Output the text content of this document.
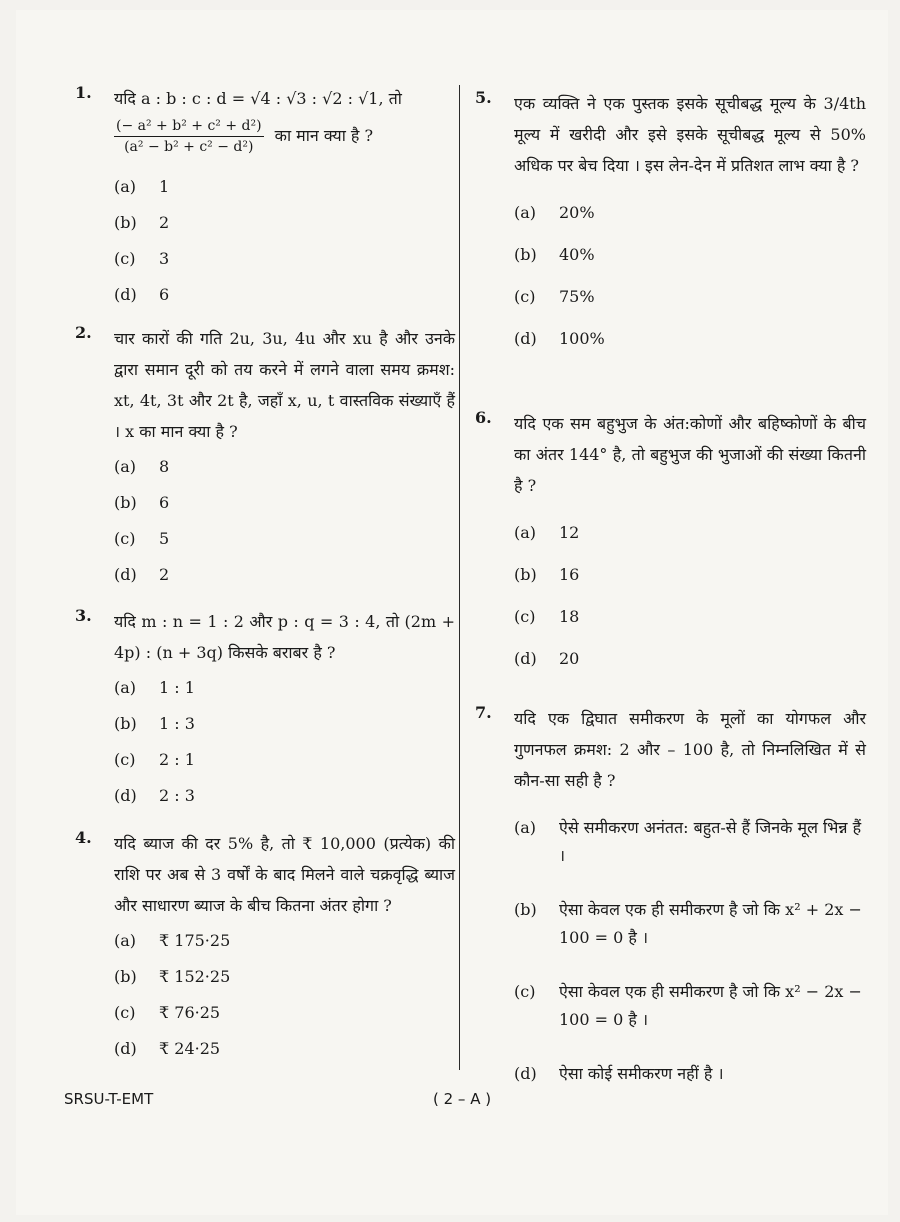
1. यदि a : b : c : d = √4 : √3 : √2 : √1, तो
$\frac{\text{(− a² + b² + c² + d²)}}{\text{(a² − b² + c² − d²)}}$ का मान क्या है ?
(a)	1
(b)	2
(c)	3
(d)	6
2. चार कारों की गति 2u, 3u, 4u और xu है और उनके द्वारा समान दूरी को तय करने में लगने वाला समय क्रमश: xt, 4t, 3t और 2t है, जहाँ x, u, t वास्तविक संख्याएँ हैं । x का मान क्या है ?
(a)	8
(b)	6
(c)	5
(d)	2
3. यदि m : n = 1 : 2 और p : q = 3 : 4, तो (2m + 4p) : (n + 3q) किसके बराबर है ?
(a)	1 : 1
(b)	1 : 3
(c)	2 : 1
(d)	2 : 3
4. यदि ब्याज की दर 5% है, तो ₹ 10,000 (प्रत्येक) की राशि पर अब से 3 वर्षों के बाद मिलने वाले चक्रवृद्धि ब्याज और साधारण ब्याज के बीच कितना अंतर होगा ?
(a)	₹ 175·25
(b)	₹ 152·25
(c)	₹ 76·25
(d)	₹ 24·25
5. एक व्यक्ति ने एक पुस्तक इसके सूचीबद्ध मूल्य के 3/4th मूल्य में खरीदी और इसे इसके सूचीबद्ध मूल्य से 50% अधिक पर बेच दिया । इस लेन-देन में प्रतिशत लाभ क्या है ?
(a)	20%
(b)	40%
(c)	75%
(d)	100%
6. यदि एक सम बहुभुज के अंत:कोणों और बहिष्कोणों के बीच का अंतर 144° है, तो बहुभुज की भुजाओं की संख्या कितनी है ?
(a)	12
(b)	16
(c)	18
(d)	20
7. यदि एक द्विघात समीकरण के मूलों का योगफल और गुणनफल क्रमश: 2 और – 100 है, तो निम्नलिखित में से कौन-सा सही है ?
(a)	ऐसे समीकरण अनंतत: बहुत-से हैं जिनके मूल भिन्न हैं ।
(b)	ऐसा केवल एक ही समीकरण है जो कि x² + 2x − 100 = 0 है ।
(c)	ऐसा केवल एक ही समीकरण है जो कि x² − 2x − 100 = 0 है ।
(d)	ऐसा कोई समीकरण नहीं है ।
SRSU-T-EMT	( 2 – A )
